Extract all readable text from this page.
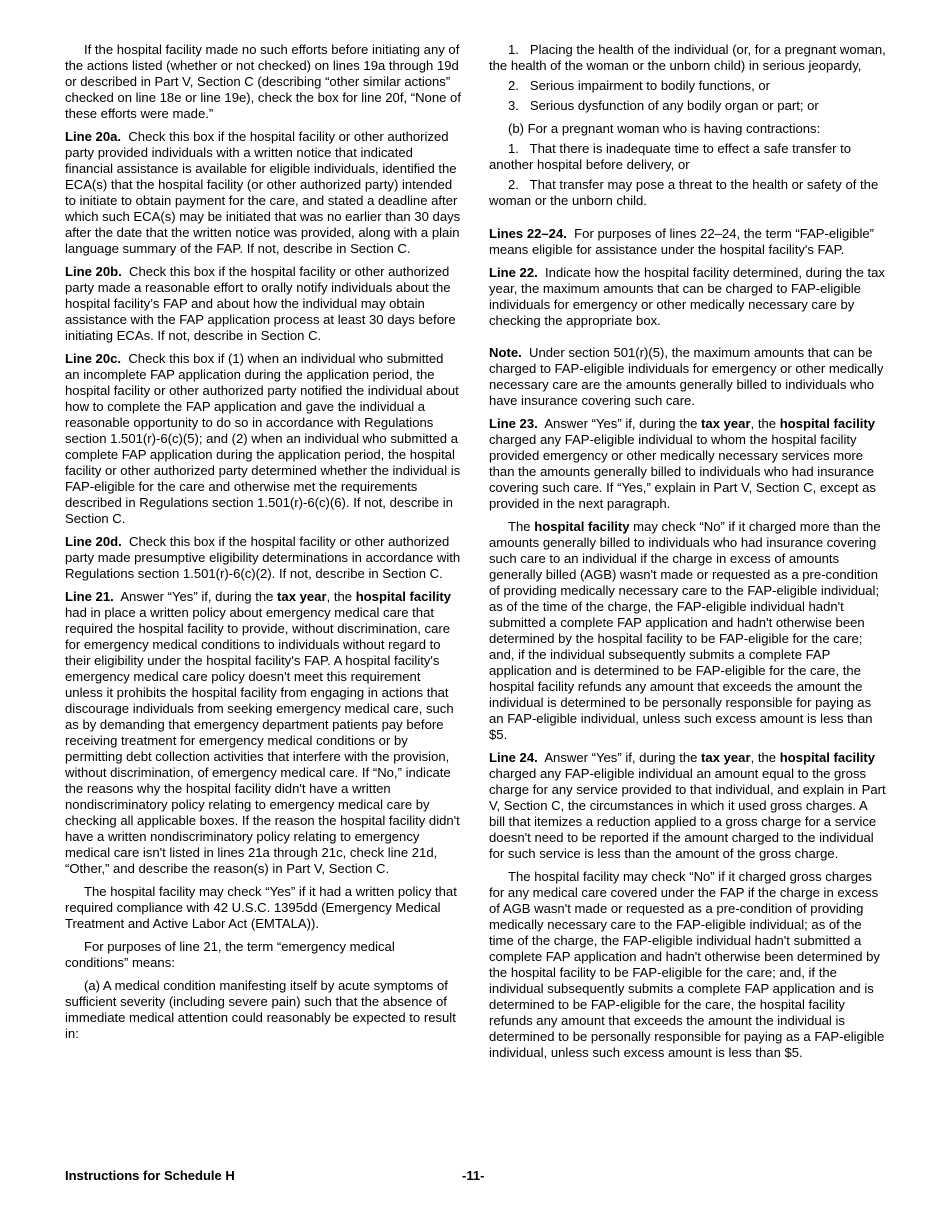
If the hospital facility made no such efforts before initiating any of the actions listed (whether or not checked) on lines 19a through 19d or described in Part V, Section C (describing “other similar actions” checked on line 18e or line 19e), check the box for line 20f, “None of these efforts were made.”

Line 20a. Check this box if the hospital facility or other authorized party provided individuals with a written notice that indicated financial assistance is available for eligible individuals, identified the ECA(s) that the hospital facility (or other authorized party) intended to initiate to obtain payment for the care, and stated a deadline after which such ECA(s) may be initiated that was no earlier than 30 days after the date that the written notice was provided, along with a plain language summary of the FAP. If not, describe in Section C.

Line 20b. Check this box if the hospital facility or other authorized party made a reasonable effort to orally notify individuals about the hospital facility’s FAP and about how the individual may obtain assistance with the FAP application process at least 30 days before initiating ECAs. If not, describe in Section C.

Line 20c. Check this box if (1) when an individual who submitted an incomplete FAP application during the application period, the hospital facility or other authorized party notified the individual about how to complete the FAP application and gave the individual a reasonable opportunity to do so in accordance with Regulations section 1.501(r)-6(c)(5); and (2) when an individual who submitted a complete FAP application during the application period, the hospital facility or other authorized party determined whether the individual is FAP-eligible for the care and otherwise met the requirements described in Regulations section 1.501(r)-6(c)(6). If not, describe in Section C.

Line 20d. Check this box if the hospital facility or other authorized party made presumptive eligibility determinations in accordance with Regulations section 1.501(r)-6(c)(2). If not, describe in Section C.

Line 21. Answer “Yes” if, during the tax year, the hospital facility had in place a written policy about emergency medical care that required the hospital facility to provide, without discrimination, care for emergency medical conditions to individuals without regard to their eligibility under the hospital facility's FAP. A hospital facility's emergency medical care policy doesn't meet this requirement unless it prohibits the hospital facility from engaging in actions that discourage individuals from seeking emergency medical care, such as by demanding that emergency department patients pay before receiving treatment for emergency medical conditions or by permitting debt collection activities that interfere with the provision, without discrimination, of emergency medical care. If “No,” indicate the reasons why the hospital facility didn't have a written nondiscriminatory policy relating to emergency medical care by checking all applicable boxes. If the reason the hospital facility didn't have a written nondiscriminatory policy relating to emergency medical care isn't listed in lines 21a through 21c, check line 21d, “Other,” and describe the reason(s) in Part V, Section C.

The hospital facility may check “Yes” if it had a written policy that required compliance with 42 U.S.C. 1395dd (Emergency Medical Treatment and Active Labor Act (EMTALA)).

For purposes of line 21, the term “emergency medical conditions” means:

(a) A medical condition manifesting itself by acute symptoms of sufficient severity (including severe pain) such that the absence of immediate medical attention could reasonably be expected to result in:

1.   Placing the health of the individual (or, for a pregnant woman, the health of the woman or the unborn child) in serious jeopardy,

2.   Serious impairment to bodily functions, or

3.   Serious dysfunction of any bodily organ or part; or

(b) For a pregnant woman who is having contractions:

1.   That there is inadequate time to effect a safe transfer to another hospital before delivery, or

2.   That transfer may pose a threat to the health or safety of the woman or the unborn child.

Lines 22–24. For purposes of lines 22–24, the term “FAP-eligible” means eligible for assistance under the hospital facility's FAP.

Line 22. Indicate how the hospital facility determined, during the tax year, the maximum amounts that can be charged to FAP-eligible individuals for emergency or other medically necessary care by checking the appropriate box.

Note. Under section 501(r)(5), the maximum amounts that can be charged to FAP-eligible individuals for emergency or other medically necessary care are the amounts generally billed to individuals who have insurance covering such care.

Line 23. Answer “Yes” if, during the tax year, the hospital facility charged any FAP-eligible individual to whom the hospital facility provided emergency or other medically necessary services more than the amounts generally billed to individuals who had insurance covering such care. If “Yes,” explain in Part V, Section C, except as provided in the next paragraph.

The hospital facility may check “No” if it charged more than the amounts generally billed to individuals who had insurance covering such care to an individual if the charge in excess of amounts generally billed (AGB) wasn't made or requested as a pre-condition of providing medically necessary care to the FAP-eligible individual; as of the time of the charge, the FAP-eligible individual hadn't submitted a complete FAP application and hadn't otherwise been determined by the hospital facility to be FAP-eligible for the care; and, if the individual subsequently submits a complete FAP application and is determined to be FAP-eligible for the care, the hospital facility refunds any amount that exceeds the amount the individual is determined to be personally responsible for paying as an FAP-eligible individual, unless such excess amount is less than $5.

Line 24. Answer “Yes” if, during the tax year, the hospital facility charged any FAP-eligible individual an amount equal to the gross charge for any service provided to that individual, and explain in Part V, Section C, the circumstances in which it used gross charges. A bill that itemizes a reduction applied to a gross charge for a service doesn't need to be reported if the amount charged to the individual for such service is less than the amount of the gross charge.

The hospital facility may check “No” if it charged gross charges for any medical care covered under the FAP if the charge in excess of AGB wasn't made or requested as a pre-condition of providing medically necessary care to the FAP-eligible individual; as of the time of the charge, the FAP-eligible individual hadn't submitted a complete FAP application and hadn't otherwise been determined by the hospital facility to be FAP-eligible for the care; and, if the individual subsequently submits a complete FAP application and is determined to be FAP-eligible for the care, the hospital facility refunds any amount that exceeds the amount the individual is determined to be personally responsible for paying as a FAP-eligible individual, unless such excess amount is less than $5.

Instructions for Schedule H	-11-
